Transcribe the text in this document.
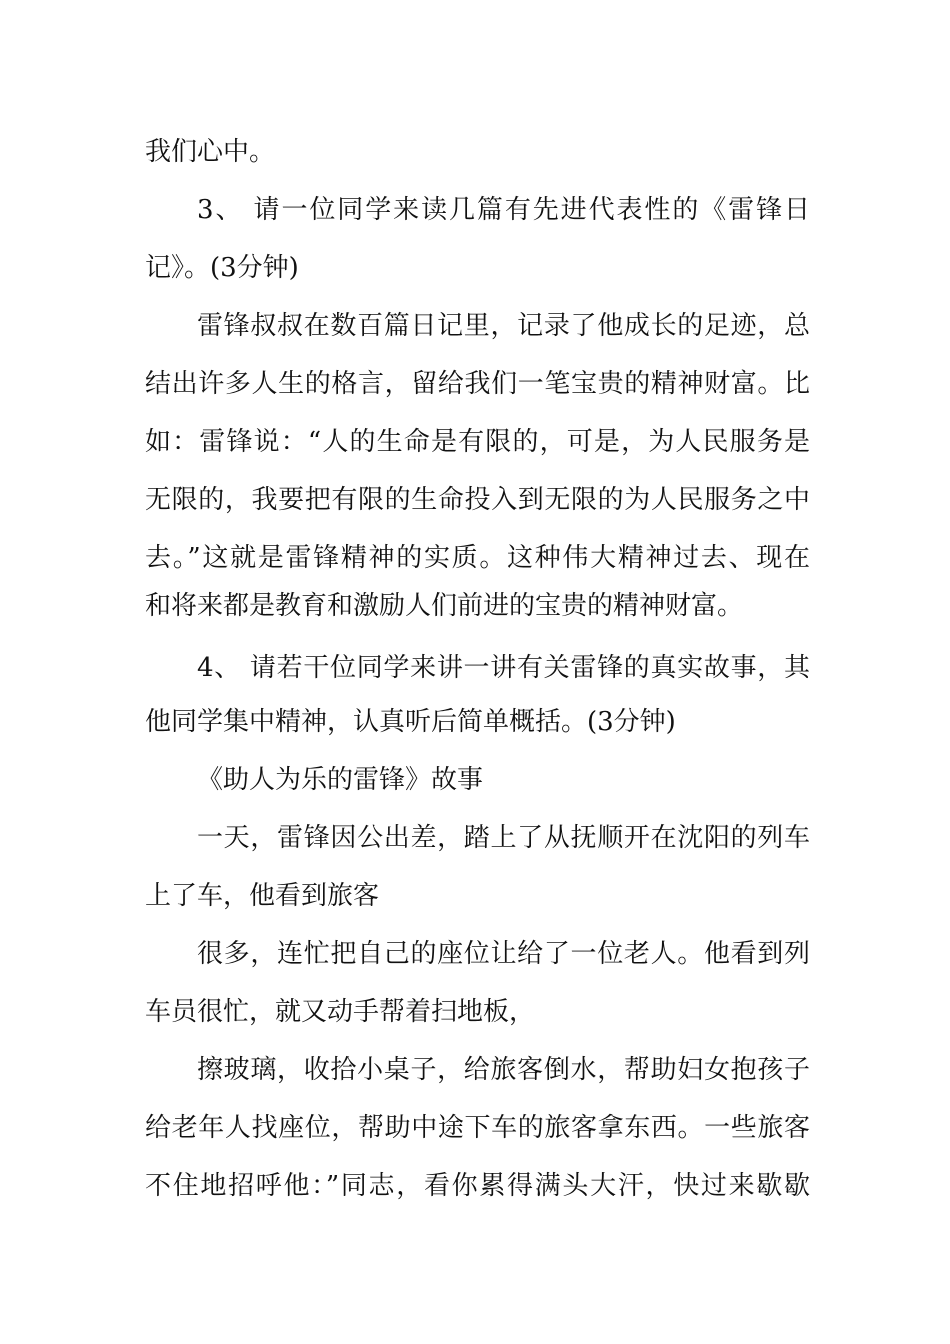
我们心中。
3、 请一位同学来读几篇有先进代表性的《雷锋日
记》。(3分钟)
雷锋叔叔在数百篇日记里，记录了他成长的足迹，总
结出许多人生的格言，留给我们一笔宝贵的精神财富。比
如：雷锋说：“人的生命是有限的，可是，为人民服务是
无限的，我要把有限的生命投入到无限的为人民服务之中
去。”这就是雷锋精神的实质。这种伟大精神过去、现在
和将来都是教育和激励人们前进的宝贵的精神财富。
4、 请若干位同学来讲一讲有关雷锋的真实故事，其
他同学集中精神，认真听后简单概括。(3分钟)
《助人为乐的雷锋》故事
一天，雷锋因公出差，踏上了从抚顺开在沈阳的列车
上了车，他看到旅客
很多，连忙把自己的座位让给了一位老人。他看到列
车员很忙，就又动手帮着扫地板，
擦玻璃，收拾小桌子，给旅客倒水，帮助妇女抱孩子
给老年人找座位，帮助中途下车的旅客拿东西。一些旅客
不住地招呼他：”同志，看你累得满头大汗，快过来歇歇
